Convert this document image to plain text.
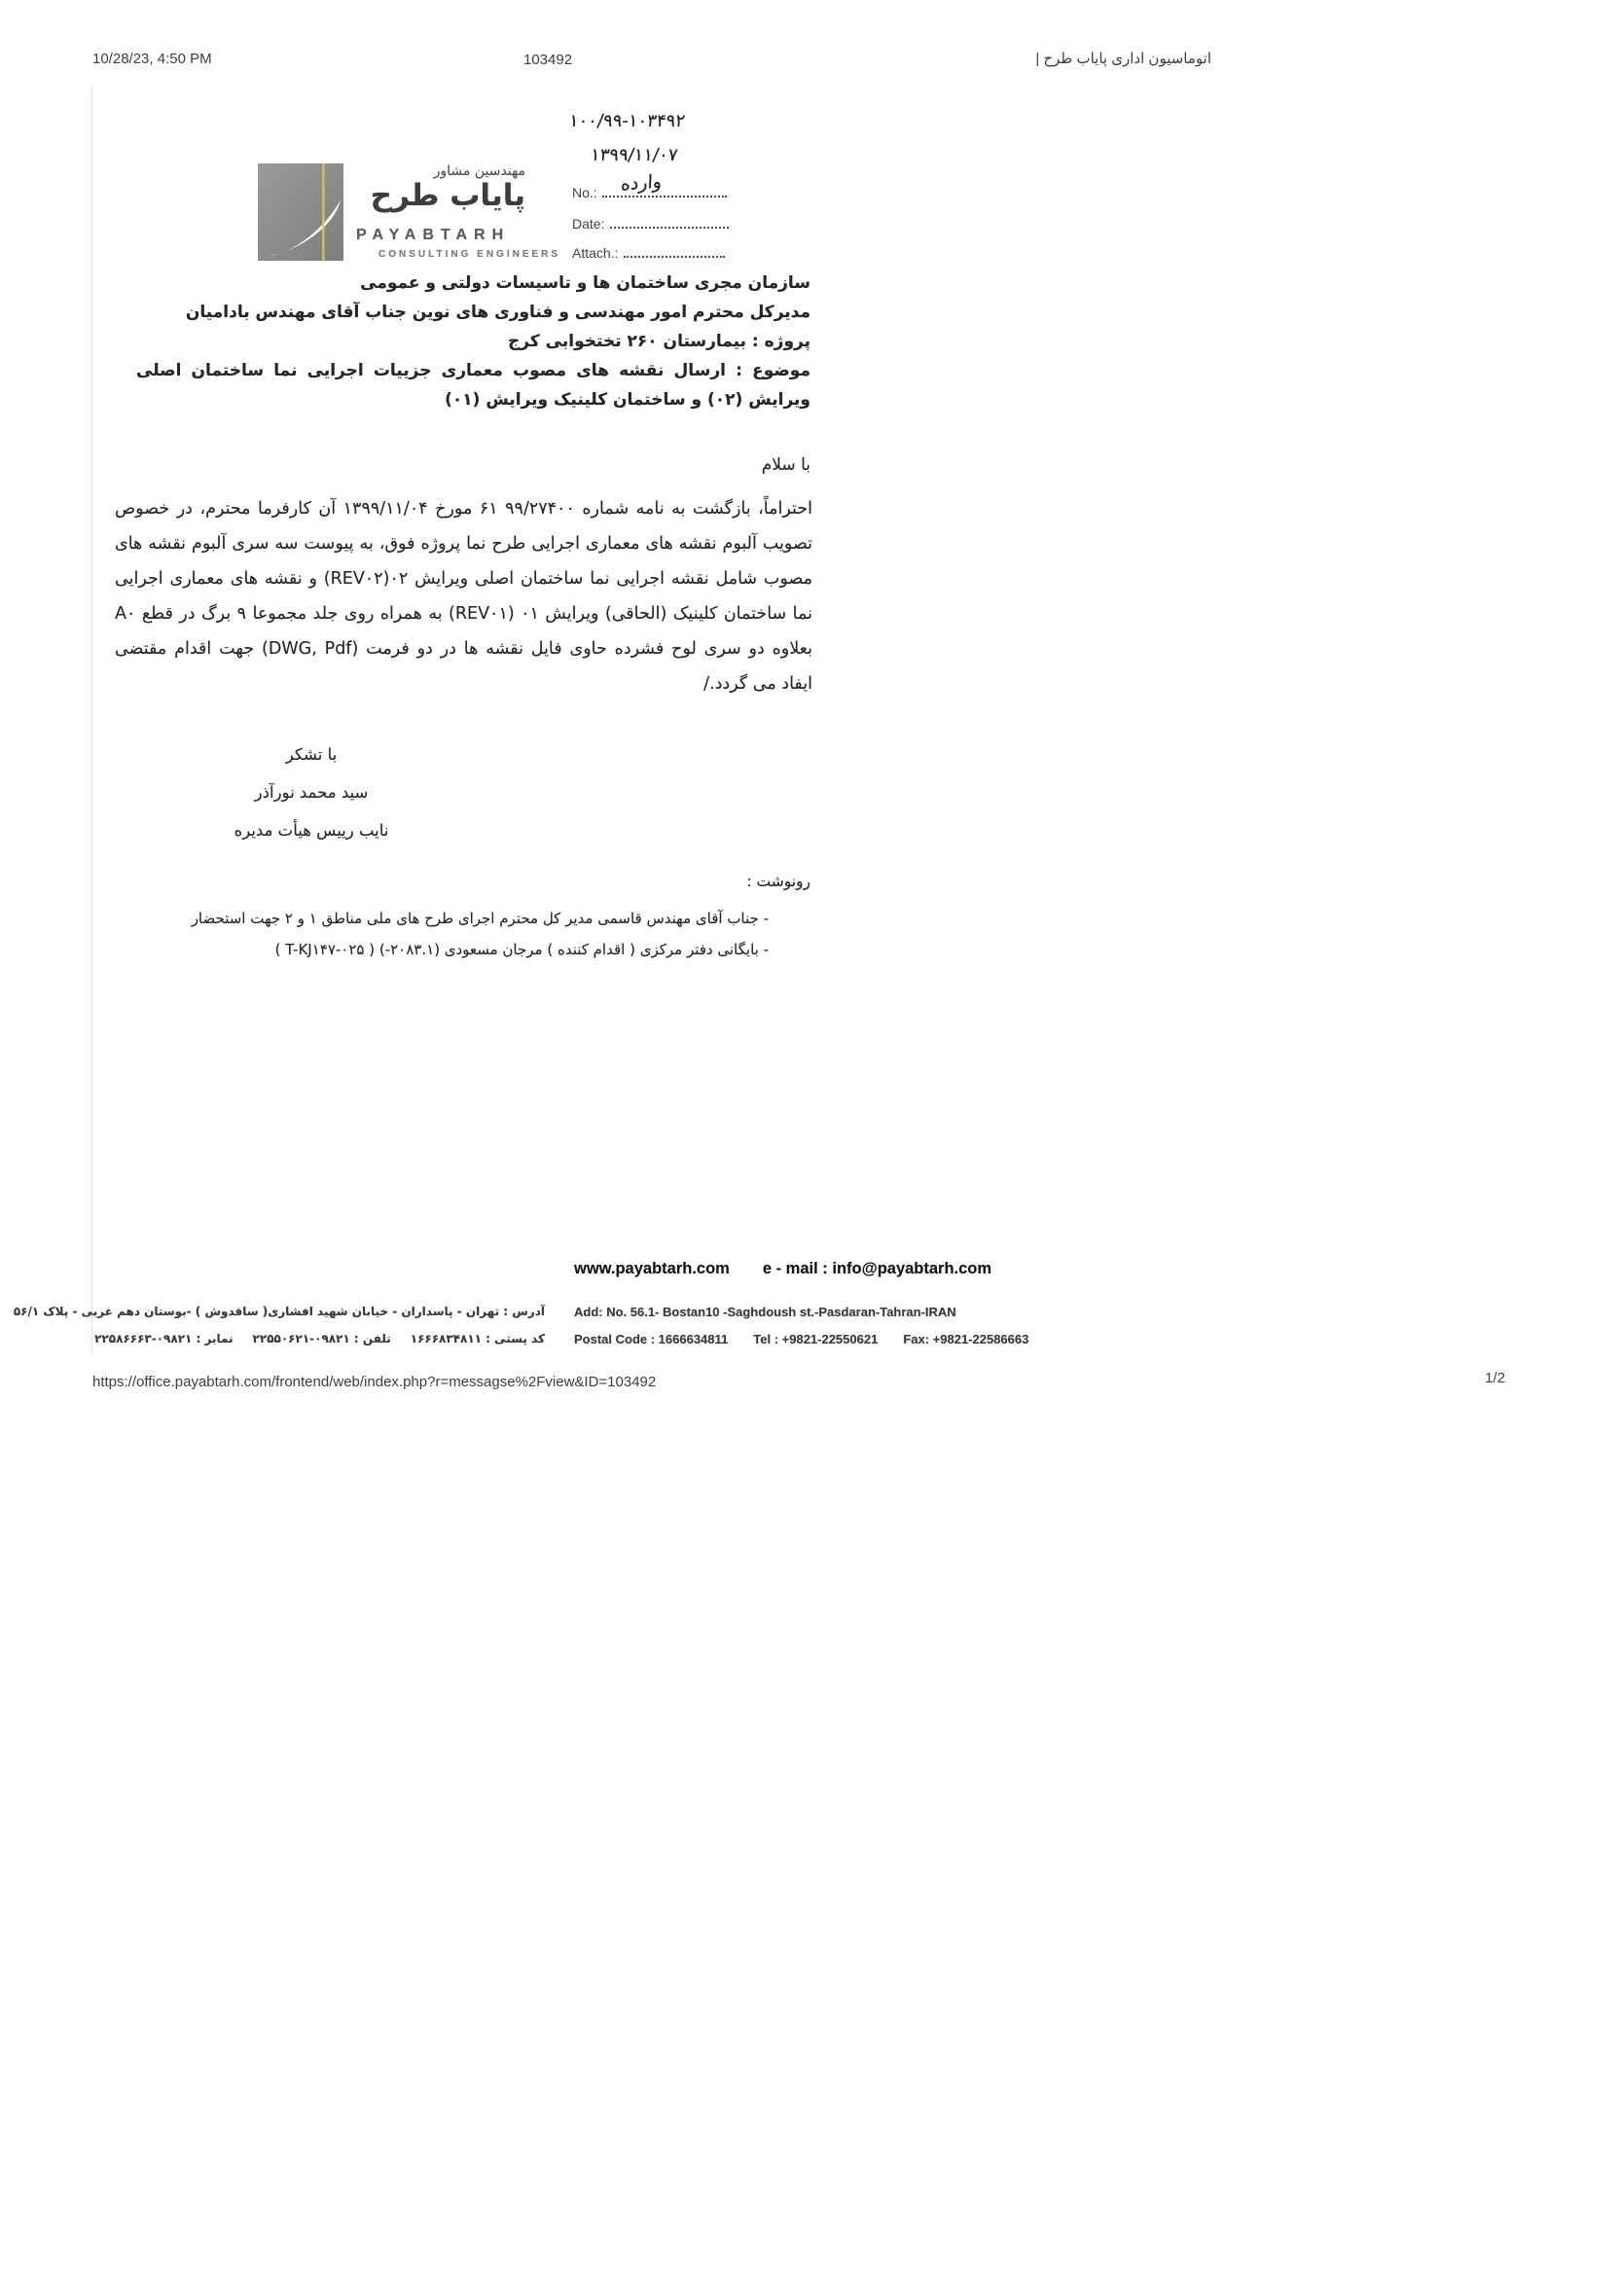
10/28/23, 4:50 PM	103492	اتوماسیون اداری پایاب طرح |
۱۰۰/۹۹-۱۰۳۴۹۲
۱۳۹۹/۱۱/۰۷
مهندسین مشاور
پایاب طرح
PAYABTARH
CONSULTING ENGINEERS
No.:	وارده
Date:
Attach.:
سازمان مجری ساختمان ها و تاسیسات دولتی و عمومی
مدیرکل محترم امور مهندسی و فناوری های نوین جناب آقای مهندس بادامیان
پروژه : بیمارستان ۲۶۰ تختخوابی کرج
موضوع : ارسال نقشه های مصوب معماری جزییات اجرایی نما ساختمان اصلی ویرایش (۰۲) و ساختمان کلینیک ویرایش (۰۱)
با سلام
احتراماً، بازگشت به نامه شماره ۹۹/۲۷۴۰۰ ۶۱ مورخ ۱۳۹۹/۱۱/۰۴ آن کارفرما محترم، در خصوص تصویب آلبوم نقشه های معماری اجرایی طرح نما پروژه فوق، به پیوست سه سری آلبوم نقشه های مصوب شامل نقشه اجرایی نما ساختمان اصلی ویرایش ۰۲(REV۰۲) و نقشه های معماری اجرایی نما ساختمان کلینیک (الحاقی) ویرایش ۰۱ (REV۰۱) به همراه روی جلد مجموعا ۹ برگ در قطع A۰ بعلاوه دو سری لوح فشرده حاوی فایل نقشه ها در دو فرمت (DWG, Pdf) جهت اقدام مقتضی ایفاد می گردد./
با تشکر
سید محمد نورآذر
نایب رییس هیأت مدیره
رونوشت :
- جناب آقای مهندس قاسمی مدیر کل محترم اجرای طرح های ملی مناطق ۱ و ۲ جهت استحضار
- بایگانی دفتر مرکزی ( اقدام کننده ) مرجان مسعودی (۲۰۸۳.۱-) ( T-KJ۱۴۷-۰۲۵ )
www.payabtarh.com e - mail : info@payabtarh.com
آدرس : تهران - پاسداران - خیابان شهید افشاری( ساقدوش ) -بوستان دهم غربی - پلاک ۵۶/۱
کد پستی : ۱۶۶۶۸۳۴۸۱۱
تلفن : ۰۹۸۲۱-۲۲۵۵۰۶۲۱
نمابر : ۰۹۸۲۱-۲۲۵۸۶۶۶۳
Add: No. 56.1- Bostan10 -Saghdoush st.-Pasdaran-Tahran-IRAN
Postal Code : 1666634811 Tel : +9821-22550621 Fax: +9821-22586663
https://office.payabtarh.com/frontend/web/index.php?r=messagse%2Fview&ID=103492	1/2
